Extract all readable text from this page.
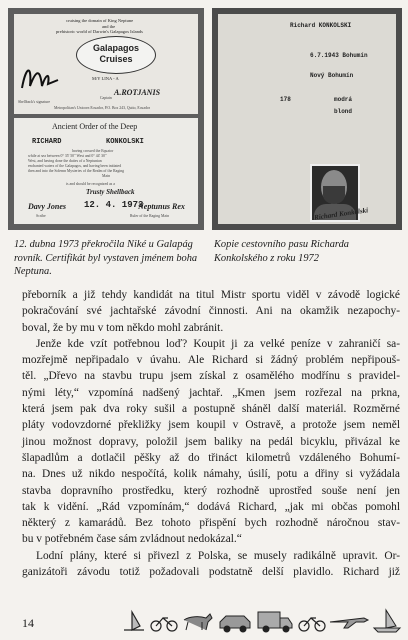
cruising the domain of King Neptune
and the
prehistoric world of Darwin's Galapagos Islands
Galapagos
Cruises
M/Y LINA - A
Shellback's signature
Captain
A.ROTJANIS
Metropolitan's Unicorn Ecuador, P.O. Box 243, Quito, Ecuador
Ancient Order of the Deep
RICHARD	KONKOLSKI
having crossed the Equator
while at sea between 0° 35' 50" West and 0° 44' 30"
West, and having done the duties of a Neptunian
enchanted waters of the Galapagos, and having been initiated
then and into the Solemn Mysteries of the Realm of the Raging
Main
is and should be recognized as a
Trusty Shellback
Davy Jones 12. 4. 1973
Neptunus Rex
Scribe	Ruler of the Raging Main
Richard KONKOLSKI
6.7.1943 Bohumín
Nový Bohumín
178	modrá
blond
Richard Konkolski
12. dubna 1973 překročila Niké u Galapág rovník. Certifikát byl vystaven jménem boha Neptuna.
Kopie cestovního pasu Richarda Konkolského z roku 1972
přeborník a již tehdy kandidát na titul Mistr sportu viděl v závodě logické
pokračování své jachtařské závodní činnosti. Ani na okamžik nezapochy-
boval, že by mu v tom někdo mohl zabránit.
Jenže kde vzít potřebnou loď? Koupit ji za velké peníze v zahraničí sa-
mozřejmě nepřipadalo v úvahu. Ale Richard si žádný problém nepřipouš-
těl. „Dřevo na stavbu trupu jsem získal z osamělého modřínu s pravidel-
nými léty,“ vzpomíná nadšený jachtař. „Kmen jsem rozřezal na prkna,
která jsem pak dva roky sušil a postupně sháněl další materiál. Rozměrné
pláty vodovzdorné překližky jsem koupil v Ostravě, a protože jsem neměl
jinou možnost dopravy, položil jsem baliky na pedál bicyklu, přivázal ke
šlapadlům a dotlačil pěšky až do třináct kilometrů vzdáleného Bohumí-
na. Dnes už nikdo nespočítá, kolik námahy, úsilí, potu a dřiny si vyžádala
stavba dopravního prostředku, který rozhodně uprostřed souše není jen
tak k vidění. „Rád vzpomínám,“ dodává Richard, „jak mi občas pomohl
některý z kamarádů. Bez tohoto přispění bych rozhodně náročnou stav-
bu v potřebném čase sám zvládnout nedokázal.“
Lodní plány, které si přivezl z Polska, se musely radikálně upravit. Or-
ganizátoři závodu totiž požadovali podstatně delší plavidlo. Richard již
14
